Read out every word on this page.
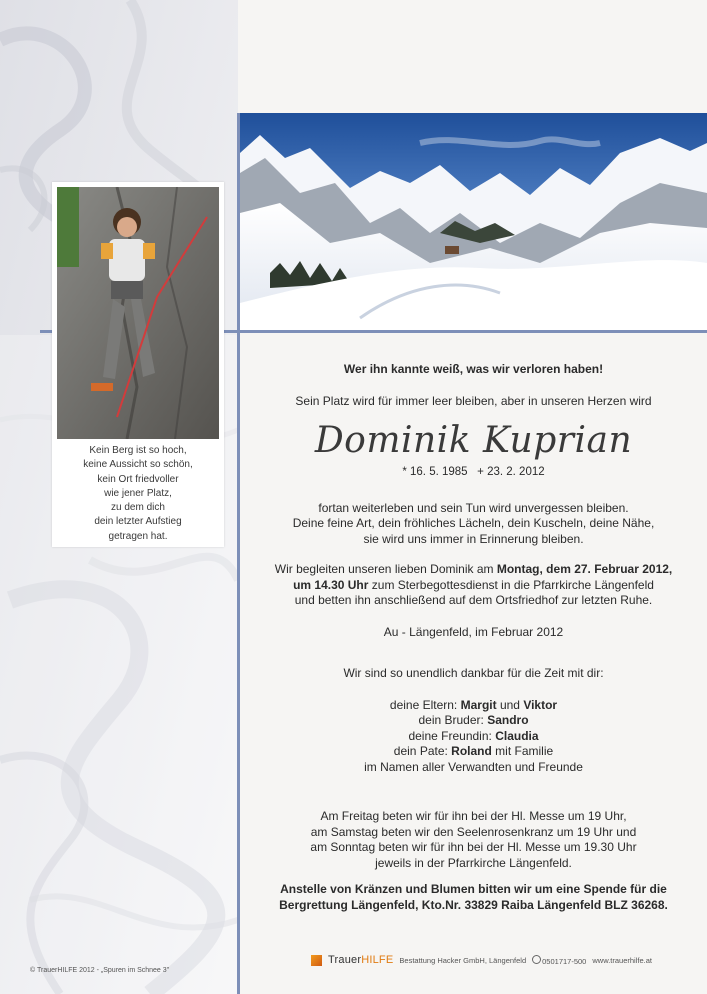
Kein Berg ist so hoch,
keine Aussicht so schön,
kein Ort friedvoller
wie jener Platz,
zu dem dich
dein letzter Aufstieg
getragen hat.

Wer ihn kannte weiß, was wir verloren haben!

Sein Platz wird für immer leer bleiben, aber in unseren Herzen wird

Dominik Kuprian

* 16. 5. 1985 + 23. 2. 2012

fortan weiterleben und sein Tun wird unvergessen bleiben.

Deine feine Art, dein fröhliches Lächeln, dein Kuscheln, deine Nähe,

sie wird uns immer in Erinnerung bleiben.

Wir begleiten unseren lieben Dominik am Montag, dem 27. Februar 2012,

um 14.30 Uhr zum Sterbegottesdienst in die Pfarrkirche Längenfeld

und betten ihn anschließend auf dem Ortsfriedhof zur letzten Ruhe.

Au - Längenfeld, im Februar 2012

Wir sind so unendlich dankbar für die Zeit mit dir:

deine Eltern: Margit und Viktor

dein Bruder: Sandro

deine Freundin: Claudia

dein Pate: Roland mit Familie

im Namen aller Verwandten und Freunde

Am Freitag beten wir für ihn bei der Hl. Messe um 19 Uhr,

am Samstag beten wir den Seelenrosenkranz um 19 Uhr und

am Sonntag beten wir für ihn bei der Hl. Messe um 19.30 Uhr

jeweils in der Pfarrkirche Längenfeld.

Anstelle von Kränzen und Blumen bitten wir um eine Spende für die

Bergrettung Längenfeld, Kto.Nr. 33829 Raiba Längenfeld BLZ 36268.

© TrauerHILFE 2012 - „Spuren im Schnee 3"
TrauerHILFE Bestattung Hacker GmbH, Längenfeld	0501717-500 www.trauerhilfe.at
